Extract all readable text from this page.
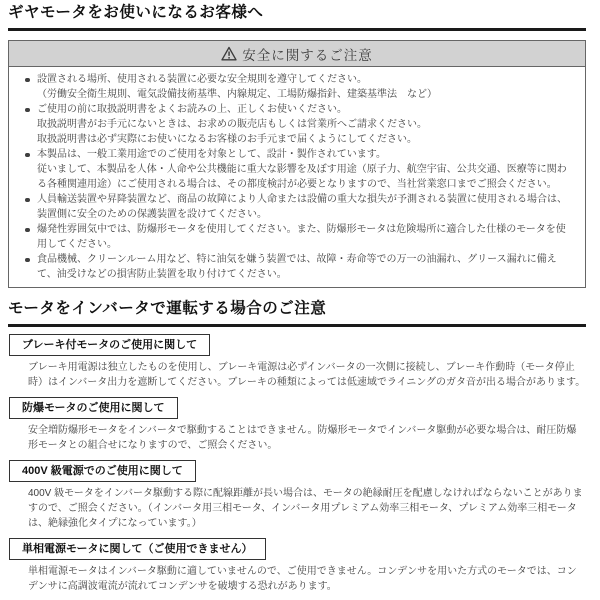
ギヤモータをお使いになるお客様へ
安全に関するご注意
設置される場所、使用される装置に必要な安全規則を遵守してください。
（労働安全衛生規則、電気設備技術基準、内線規定、工場防爆指針、建築基準法　など）
ご使用の前に取扱説明書をよくお読みの上、正しくお使いください。
取扱説明書がお手元にないときは、お求めの販売店もしくは営業所へご請求ください。
取扱説明書は必ず実際にお使いになるお客様のお手元まで届くようにしてください。
本製品は、一般工業用途でのご使用を対象として、設計・製作されています。
従いまして、本製品を人体・人命や公共機能に重大な影響を及ぼす用途（原子力、航空宇宙、公共交通、医療等に関わる各種関連用途）にご使用される場合は、その都度検討が必要となりますので、当社営業窓口までご照会ください。
人員輸送装置や昇降装置など、商品の故障により人命または設備の重大な損失が予測される装置に使用される場合は、装置側に安全のための保護装置を設けてください。
爆発性雰囲気中では、防爆形モータを使用してください。また、防爆形モータは危険場所に適合した仕様のモータを使用してください。
食品機械、クリーンルーム用など、特に油気を嫌う装置では、故障・寿命等での万一の油漏れ、グリース漏れに備えて、油受けなどの損害防止装置を取り付けてください。
モータをインバータで運転する場合のご注意
ブレーキ付モータのご使用に関して
ブレーキ用電源は独立したものを使用し、ブレーキ電源は必ずインバータの一次側に接続し、ブレーキ作動時（モータ停止時）はインバータ出力を遮断してください。ブレーキの種類によっては低速域でライニングのガタ音が出る場合があります。
防爆モータのご使用に関して
安全増防爆形モータをインバータで駆動することはできません。防爆形モータでインバータ駆動が必要な場合は、耐圧防爆形モータとの組合せになりますので、ご照会ください。
400V 級電源でのご使用に関して
400V 級モータをインバータ駆動する際に配線距離が長い場合は、モータの絶縁耐圧を配慮しなければならないことがありますので、ご照会ください。（インバータ用三相モータ、インバータ用プレミアム効率三相モータ、プレミアム効率三相モータは、絶縁強化タイプになっています。）
単相電源モータに関して（ご使用できません）
単相電源モータはインバータ駆動に適していませんので、ご使用できません。コンデンサを用いた方式のモータでは、コンデンサに高調波電流が流れてコンデンサを破壊する恐れがあります。
